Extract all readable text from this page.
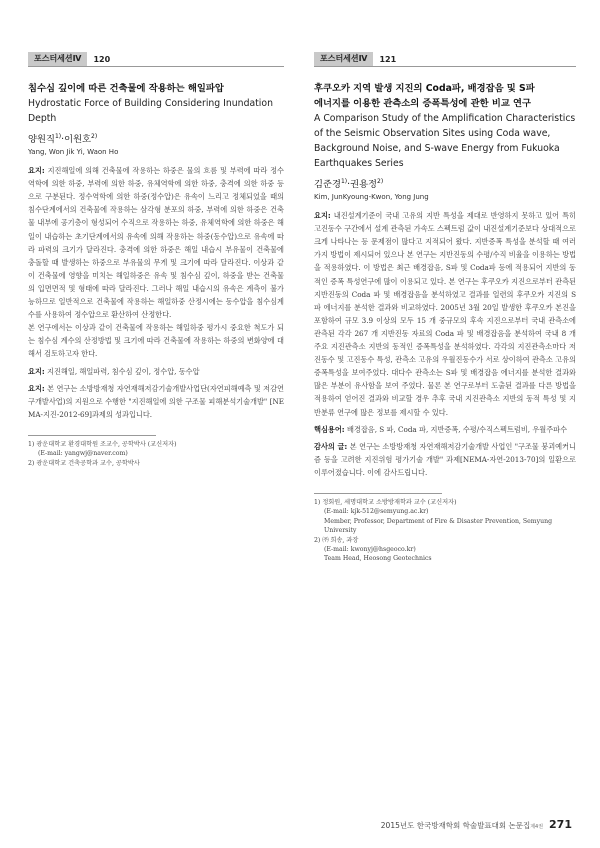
포스터세션Ⅳ	120

침수심 깊이에 따른 건축물에 작용하는 해일파압

Hydrostatic Force of Building Considering Inundation
Depth

양원직$^{1)}$·이원호$^{2)}$

Yang, Won Jik Yi, Waon Ho

요지: 지진해일에 의해 건축물에 작용하는 하중은 물의 흐름 및 부력에 따라 정수역학에 의한 하중, 부력에 의한 하중, 유체역학에 의한 하중, 충격에 의한 하중 등으로 구분된다. 정수역학에 의한 하중(정수압)은 유속이 느리고 정체되었을 때의 침수단계에서의 건축물에 작용하는 삼각형 분포의 하중, 부력에 의한 하중은 건축물 내부에 공기층이 형성되어 수직으로 작용하는 하중, 유체역학에 의한 하중은 해일이 내습하는 초기단계에서의 유속에 의해 작용하는 하중(동수압)으로 유속에 따라 파력의 크기가 달라진다. 충격에 의한 하중은 해일 내습시 부유물이 건축물에 충돌할 때 발생하는 하중으로 부유물의 무게 및 크기에 따라 달라진다. 이상과 같이 건축물에 영향을 미치는 해일하중은 유속 및 침수심 깊이, 하중을 받는 건축물의 입면면적 및 형태에 따라 달라진다. 그러나 해일 내습시의 유속은 계측이 불가능하므로 일반적으로 건축물에 작용하는 해일하중 산정시에는 동수압을 침수심계수를 사용하여 정수압으로 환산하여 산정한다.

본 연구에서는 이상과 같이 건축물에 작용하는 해일하중 평가시 중요한 척도가 되는 침수심 계수의 산정방법 및 크기에 따라 건축물에 작용하는 하중의 변화양에 대해서 검토하고자 한다.

요지: 지진해일, 해일파력, 침수심 깊이, 정수압, 동수압

요지: 본 연구는 소방방재청 자연재해저감기술개발사업단(자연피해예측 및 저감연구개발사업)의 지원으로 수행한 "지진해일에 의한 구조물 피해분석기술개발" [NEMA-지진-2012-69]과제의 성과입니다.

1) 광운대학교 환경대학원 조교수, 공학박사 (교신저자)
(E-mail: yangwj@naver.com)
2) 광운대학교 건축공학과 교수, 공학박사

포스터세션Ⅳ	121

후쿠오카 지역 발생 지진의 Coda파, 배경잡음 및 S파
에너지를 이용한 관측소의 증폭특성에 관한 비교 연구

A Comparison Study of the Amplification Characteristics
of the Seismic Observation Sites using Coda wave,
Background Noise, and S-wave Energy from Fukuoka
Earthquakes Series

김준경$^{1)}$·권용정$^{2)}$

Kim, JunKyoung-Kwon, Yong Jung

요지: 내진설계기준이 국내 고유의 지반 특성을 제대로 반영하지 못하고 있어 특히 고진동수 구간에서 설계 관측된 가속도 스펙트럼 값이 내진설계기준보다 상대적으로 크게 나타나는 등 문제점이 많다고 지적되어 왔다. 지반증폭 특성을 분석할 때 여러 가지 방법이 제시되어 있으나 본 연구는 지반진동의 수평/수직 비율을 이용하는 방법을 적용하였다. 이 방법은 최근 배경잡음, S파 및 Coda파 등에 적용되어 지반의 동적인 증폭 특성연구에 많이 이용되고 있다. 본 연구는 후쿠오카 지진으로부터 관측된 지반진동의 Coda 파 및 배경잡음을 분석하였고 결과를 일련의 후쿠오카 지진의 S 파 에너지를 분석한 결과와 비교하였다. 2005년 3월 20일 발생한 후쿠오카 본진을 포함하여 규모 3.9 이상의 모두 15 개 중규모의 후속 지진으로부터 국내 관측소에 관측된 각각 267 개 지반진동 자료의 Coda 파 및 배경잡음을 분석하여 국내 8 개 주요 지진관측소 지반의 동적인 증폭특성을 분석하였다. 각각의 지진관측소마다 저 진동수 및 고진동수 특성, 관측소 고유의 우월진동수가 서로 상이하여 관측소 고유의 증폭특성을 보여주었다. 대다수 관측소는 S파 및 배경잡음 에너지를 분석한 결과와 많은 부분이 유사함을 보여 주었다. 물론 본 연구로부터 도출된 결과를 다른 방법을 적용하여 얻어진 결과와 비교할 경우 추후 국내 지진관측소 지반의 동적 특성 및 지반분류 연구에 많은 정보를 제시할 수 있다.

핵심용어: 배경잡음, S 파, Coda 파, 지반증폭, 수평/수직스펙트럼비, 우월주파수

감사의 글: 본 연구는 소방방재청 자연재해저감기술개발 사업인 "구조물 붕괴예커니즘 등을 고려한 지진위험 평가기술 개발" 과제[NEMA-자연-2013-70]의 일환으로 이루어졌습니다. 이에 감사드립니다.

1) 정회원, 세명대학교 소방방재학과 교수 (교신저자)
(E-mail: kjk-512@semyung.ac.kr)
Member, Professor, Department of Fire & Disaster Prevention, Semyung University
2) ㈜ 희송, 과장
(E-mail: kwonyj@hsgeoco.kr)
Team Head, Heosong Geotechnics

2015년도 한국방재학회 학술발표대회 논문집 제4권 271
